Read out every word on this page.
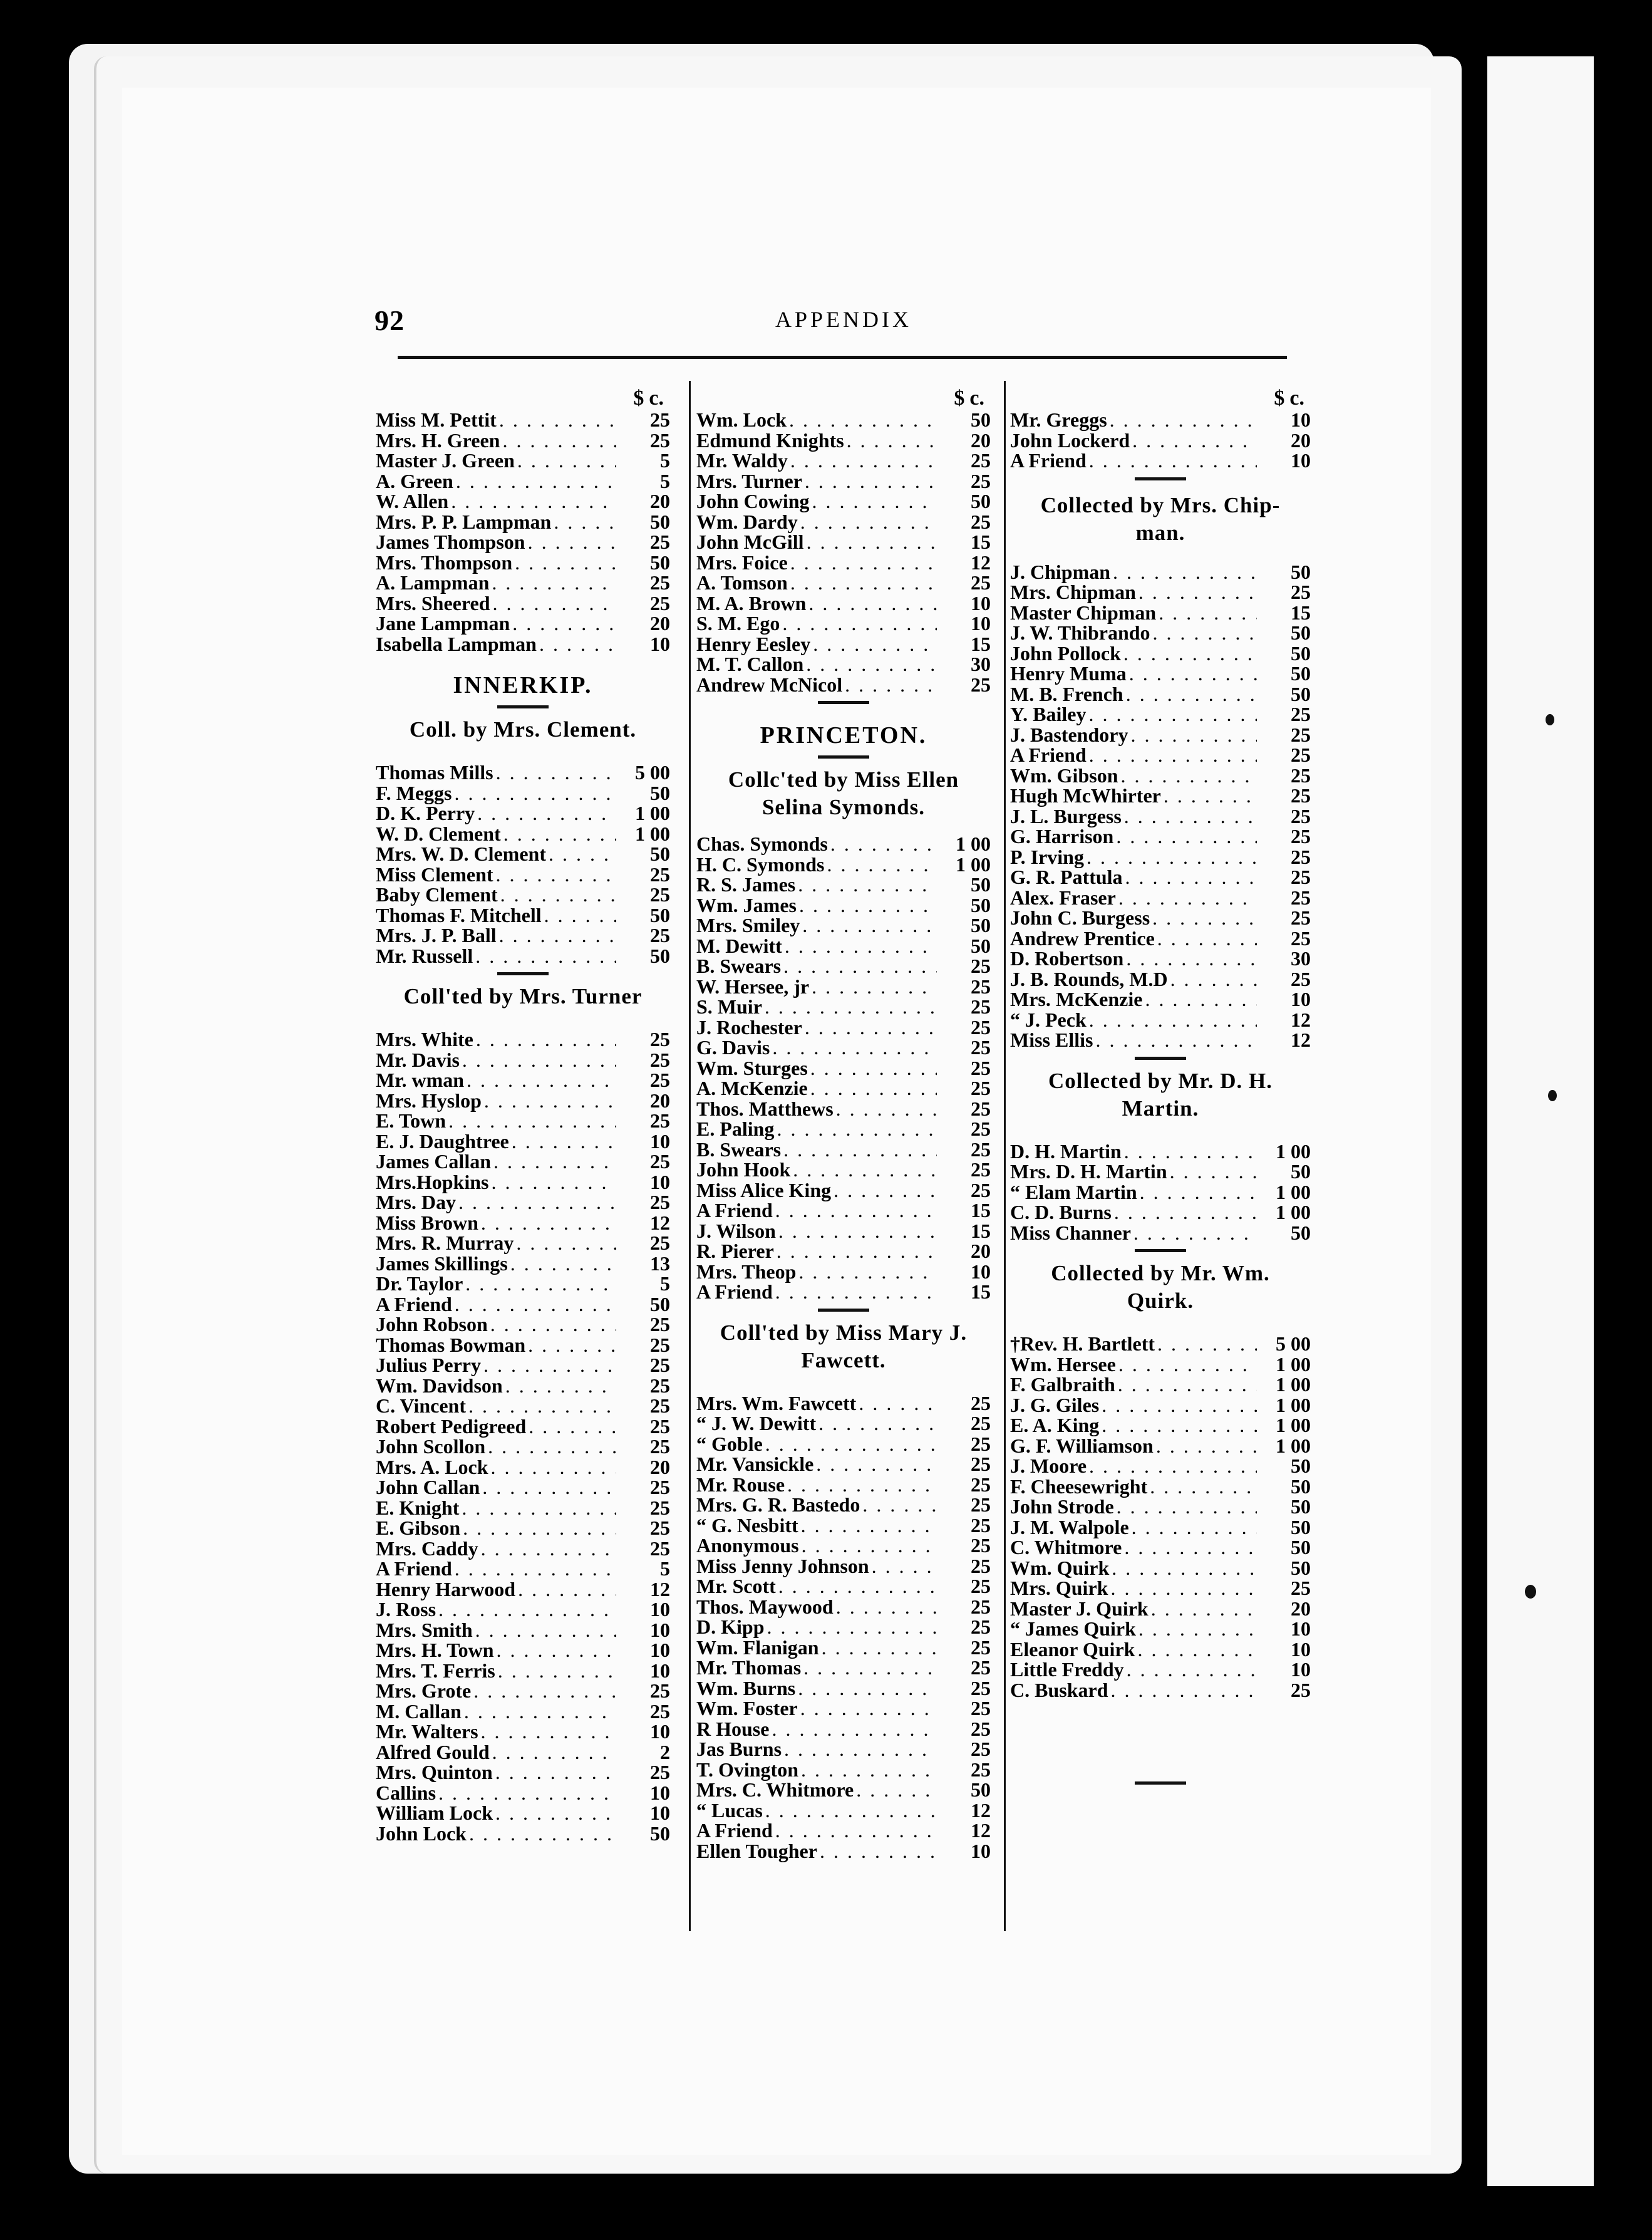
92	APPENDIX
$ c.
Miss M. Pettit . . .	25
Mrs. H. Green . . .	25
Master J. Green . . .	5
A. Green . . .	5
W. Allen . . .	20
Mrs. P. P. Lampman . . .	50
James Thompson . . .	25
Mrs. Thompson . . .	50
A. Lampman . . .	25
Mrs. Sheered . . .	25
Jane Lampman . . .	20
Isabella Lampman . . .	10
INNERKIP.
Coll. by Mrs. Clement.
Thomas Mills . . .	5 00
F. Meggs . . .	50
D. K. Perry . . .	1 00
W. D. Clement . . .	1 00
Mrs. W. D. Clement . . .	50
Miss Clement . . .	25
Baby Clement . . .	25
Thomas F. Mitchell . . .	50
Mrs. J. P. Ball . . .	25
Mr. Russell . . .	50
Coll'ted by Mrs. Turner
Mrs. White . . .	25
Mr. Davis . . .	25
Mr. wman . . .	25
Mrs. Hyslop . . .	20
E. Town . . .	25
E. J. Daughtree . . .	10
James Callan . . .	25
Mrs.Hopkins . . .	10
Mrs. Day . . .	25
Miss Brown . . .	12
Mrs. R. Murray . . .	25
James Skillings . . .	13
Dr. Taylor . . .	5
A Friend . . .	50
John Robson . . .	25
Thomas Bowman . . .	25
Julius Perry . . .	25
Wm. Davidson . . .	25
C. Vincent . . .	25
Robert Pedigreed . . .	25
John Scollon . . .	25
Mrs. A. Lock . . .	20
John Callan . . .	25
E. Knight . . .	25
E. Gibson . . .	25
Mrs. Caddy . . .	25
A Friend . . .	5
Henry Harwood . . .	12
J. Ross . . .	10
Mrs. Smith . . .	10
Mrs. H. Town . . .	10
Mrs. T. Ferris . . .	10
Mrs. Grote . . .	25
M. Callan . . .	25
Mr. Walters . . .	10
Alfred Gould . . .	2
Mrs. Quinton . . .	25
Callins . . .	10
William Lock . . .	10
John Lock . . .	50
$ c.
Wm. Lock . . .	50
Edmund Knights . . .	20
Mr. Waldy . . .	25
Mrs. Turner . . .	25
John Cowing . . .	50
Wm. Dardy . . .	25
John McGill . . .	15
Mrs. Foice . . .	12
A. Tomson . . .	25
M. A. Brown . . .	10
S. M. Ego . . .	10
Henry Eesley . . .	15
M. T. Callon . . .	30
Andrew McNicol . . .	25
PRINCETON.
Collc'ted by Miss Ellen
Selina Symonds.
Chas. Symonds . . .	1 00
H. C. Symonds . . .	1 00
R. S. James . . .	50
Wm. James . . .	50
Mrs. Smiley . . .	50
M. Dewitt . . .	50
B. Swears . . .	25
W. Hersee, jr . . .	25
S. Muir . . .	25
J. Rochester . . .	25
G. Davis . . .	25
Wm. Sturges . . .	25
A. McKenzie . . .	25
Thos. Matthews . . .	25
E. Paling . . .	25
B. Swears . . .	25
John Hook . . .	25
Miss Alice King . . .	25
A Friend . . .	15
J. Wilson . . .	15
R. Pierer . . .	20
Mrs. Theop . . .	10
A Friend . . .	15
Coll'ted by Miss Mary J.
Fawcett.
Mrs. Wm. Fawcett . . .	25
“ J. W. Dewitt . . .	25
“ Goble . . .	25
Mr. Vansickle . . .	25
Mr. Rouse . . .	25
Mrs. G. R. Bastedo . . .	25
“ G. Nesbitt . . .	25
Anonymous . . .	25
Miss Jenny Johnson . . .	25
Mr. Scott . . .	25
Thos. Maywood . . .	25
D. Kipp . . .	25
Wm. Flanigan . . .	25
Mr. Thomas . . .	25
Wm. Burns . . .	25
Wm. Foster . . .	25
R House . . .	25
Jas Burns . . .	25
T. Ovington . . .	25
Mrs. C. Whitmore . . .	50
“ Lucas . . .	12
A Friend . . .	12
Ellen Tougher . . .	10
$ c.
Mr. Greggs . . .	10
John Lockerd . . .	20
A Friend . . .	10
Collected by Mrs. Chip-
man.
J. Chipman . . .	50
Mrs. Chipman . . .	25
Master Chipman . . .	15
J. W. Thibrando . . .	50
John Pollock . . .	50
Henry Muma . . .	50
M. B. French . . .	50
Y. Bailey . . .	25
J. Bastendory . . .	25
A Friend . . .	25
Wm. Gibson . . .	25
Hugh McWhirter . . .	25
J. L. Burgess . . .	25
G. Harrison . . .	25
P. Irving . . .	25
G. R. Pattula . . .	25
Alex. Fraser . . .	25
John C. Burgess . . .	25
Andrew Prentice . . .	25
D. Robertson . . .	30
J. B. Rounds, M.D . . .	25
Mrs. McKenzie . . .	10
“ J. Peck . . .	12
Miss Ellis . . .	12
Collected by Mr. D. H.
Martin.
D. H. Martin . . .	1 00
Mrs. D. H. Martin . . .	50
“ Elam Martin . . .	1 00
C. D. Burns . . .	1 00
Miss Channer . . .	50
Collected by Mr. Wm.
Quirk.
†Rev. H. Bartlett . . .	5 00
Wm. Hersee . . .	1 00
F. Galbraith . . .	1 00
J. G. Giles . . .	1 00
E. A. King . . .	1 00
G. F. Williamson . . .	1 00
J. Moore . . .	50
F. Cheesewright . . .	50
John Strode . . .	50
J. M. Walpole . . .	50
C. Whitmore . . .	50
Wm. Quirk . . .	50
Mrs. Quirk . . .	25
Master J. Quirk . . .	20
“ James Quirk . . .	10
Eleanor Quirk . . .	10
Little Freddy . . .	10
C. Buskard . . .	25
